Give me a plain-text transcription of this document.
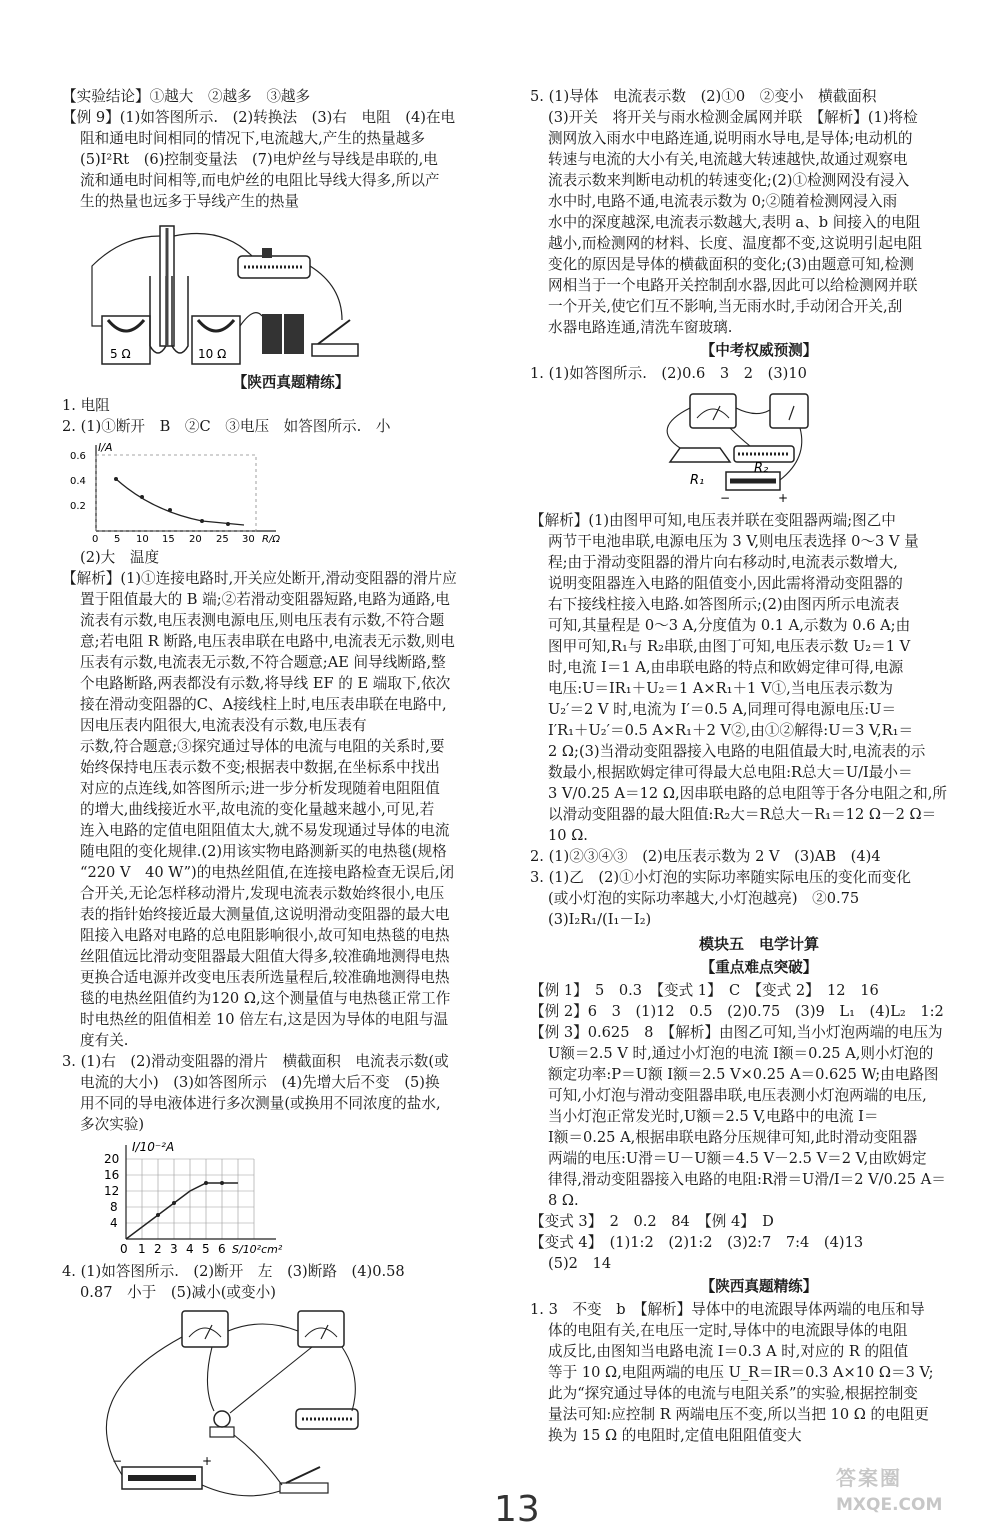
【实验结论】①越大　②越多　③越多

【例 9】(1)如答图所示.　(2)转换法　(3)右　电阻　(4)在电

阻和通电时间相同的情况下,电流越大,产生的热量越多

(5)I²Rt　(6)控制变量法　(7)电炉丝与导线是串联的,电

流和通电时间相等,而电炉丝的电阻比导线大得多,所以产

生的热量也远多于导线产生的热量

5 Ω	10 Ω

【陕西真题精练】

1. 电阻

2. (1)①断开　B　②C　③电压　如答图所示.　小

I/A
0.6
0.4
0.2
0 5 10 15 20 25 30 R/Ω

(2)大　温度

【解析】(1)①连接电路时,开关应处断开,滑动变阻器的滑片应

置于阻值最大的 B 端;②若滑动变阻器短路,电路为通路,电

流表有示数,电压表测电源电压,则电压表有示数,不符合题

意;若电阻 R 断路,电压表串联在电路中,电流表无示数,则电

压表有示数,电流表无示数,不符合题意;AE 间导线断路,整

个电路断路,两表都没有示数,将导线 EF 的 E 端取下,依次

接在滑动变阻器的C、A接线柱上时,电压表串联在电路中,

因电压表内阻很大,电流表没有示数,电压表有

示数,符合题意;③探究通过导体的电流与电阻的关系时,要

始终保持电压表示数不变;根据表中数据,在坐标系中找出

对应的点连线,如答图所示;进一步分析发现随着电阻阻值

的增大,曲线接近水平,故电流的变化量越来越小,可见,若

连入电路的定值电阻阻值太大,就不易发现通过导体的电流

随电阻的变化规律.(2)用该实物电路测新买的电热毯(规格

“220 V　40 W”)的电热丝阻值,在连接电路检查无误后,闭

合开关,无论怎样移动滑片,发现电流表示数始终很小,电压

表的指针始终接近最大测量值,这说明滑动变阻器的最大电

阻接入电路对电路的总电阻影响很小,故可知电热毯的电热

丝阻值远比滑动变阻器最大阻值大得多,较准确地测得电热

更换合适电源并改变电压表所选量程后,较准确地测得电热

毯的电热丝阻值约为120 Ω,这个测量值与电热毯正常工作

时电热丝的阻值相差 10 倍左右,这是因为导体的电阻与温

度有关.

3. (1)右　(2)滑动变阻器的滑片　横截面积　电流表示数(或

电流的大小)　(3)如答图所示　(4)先增大后不变　(5)换

用不同的导电液体进行多次测量(或换用不同浓度的盐水,

多次实验)

I/10⁻²A
20
16
12
8
4
0 1 2 3 4 5 6 S/10²cm²

4. (1)如答图所示.　(2)断开　左　(3)断路　(4)0.58

0.87　小于　(5)减小(或变小)

−	+

5. (1)导体　电流表示数　(2)①0　②变小　横截面积

(3)开关　将开关与雨水检测金属网并联　【解析】(1)将检

测网放入雨水中电路连通,说明雨水导电,是导体;电动机的

转速与电流的大小有关,电流越大转速越快,故通过观察电

流表示数来判断电动机的转速变化;(2)①检测网没有浸入

水中时,电路不通,电流表示数为 0;②随着检测网浸入雨

水中的深度越深,电流表示数越大,表明 a、b 间接入的电阻

越小,而检测网的材料、长度、温度都不变,这说明引起电阻

变化的原因是导体的横截面积的变化;(3)由题意可知,检测

网相当于一个电路开关控制刮水器,因此可以给检测网并联

一个开关,使它们互不影响,当无雨水时,手动闭合开关,刮

水器电路连通,清洗车窗玻璃.

【中考权威预测】

1. (1)如答图所示.　(2)0.6　3　2　(3)10

−	+
R₁
R₂

【解析】(1)由图甲可知,电压表并联在变阻器两端;图乙中

两节干电池串联,电源电压为 3 V,则电压表选择 0～3 V 量

程;由于滑动变阻器的滑片向右移动时,电流表示数增大,

说明变阻器连入电路的阻值变小,因此需将滑动变阻器的

右下接线柱接入电路.如答图所示;(2)由图丙所示电流表

可知,其量程是 0～3 A,分度值为 0.1 A,示数为 0.6 A;由

图甲可知,R₁与 R₂串联,由图丁可知,电压表示数 U₂＝1 V

时,电流 I＝1 A,由串联电路的特点和欧姆定律可得,电源

电压:U＝IR₁＋U₂＝1 A×R₁＋1 V①,当电压表示数为

U₂′＝2 V 时,电流为 I′＝0.5 A,同理可得电源电压:U＝

I′R₁＋U₂′＝0.5 A×R₁＋2 V②,由①②解得:U＝3 V,R₁＝

2 Ω;(3)当滑动变阻器接入电路的电阻值最大时,电流表的示

数最小,根据欧姆定律可得最大总电阻:R总大＝U/I最小＝

3 V/0.25 A＝12 Ω,因串联电路的总电阻等于各分电阻之和,所

以滑动变阻器的最大阻值:R₂大＝R总大－R₁＝12 Ω－2 Ω＝

10 Ω.

2. (1)②③④③　(2)电压表示数为 2 V　(3)AB　(4)4

3. (1)乙　(2)①小灯泡的实际功率随实际电压的变化而变化

(或小灯泡的实际功率越大,小灯泡越亮)　②0.75

(3)I₂R₁/(I₁－I₂)

模块五　电学计算

【重点难点突破】

【例 1】　5　0.3　【变式 1】　C　【变式 2】　12　16

【例 2】6　3　(1)12　0.5　(2)0.75　(3)9　L₁　(4)L₂　1:2

【例 3】0.625　8　【解析】由图乙可知,当小灯泡两端的电压为

U额＝2.5 V 时,通过小灯泡的电流 I额＝0.25 A,则小灯泡的

额定功率:P＝U额 I额＝2.5 V×0.25 A＝0.625 W;由电路图

可知,小灯泡与滑动变阻器串联,电压表测小灯泡两端的电压,

当小灯泡正常发光时,U额＝2.5 V,电路中的电流 I＝

I额＝0.25 A,根据串联电路分压规律可知,此时滑动变阻器

两端的电压:U滑＝U－U额＝4.5 V－2.5 V＝2 V,由欧姆定

律得,滑动变阻器接入电路的电阻:R滑＝U滑/I＝2 V/0.25 A＝

8 Ω.

【变式 3】　2　0.2　84　【例 4】　D

【变式 4】　(1)1:2　(2)1:2　(3)2:7　7:4　(4)13

(5)2　14

【陕西真题精练】

1. 3　不变　b　【解析】导体中的电流跟导体两端的电压和导

体的电阻有关,在电压一定时,导体中的电流跟导体的电阻

成反比,由图知当电路电流 I＝0.3 A 时,对应的 R 的阻值

等于 10 Ω,电阻两端的电压 U_R＝IR＝0.3 A×10 Ω＝3 V;

此为“探究通过导体的电流与电阻关系”的实验,根据控制变

量法可知:应控制 R 两端电压不变,所以当把 10 Ω 的电阻更

换为 15 Ω 的电阻时,定值电阻阻值变大

13
答案圈
MXQE.COM
